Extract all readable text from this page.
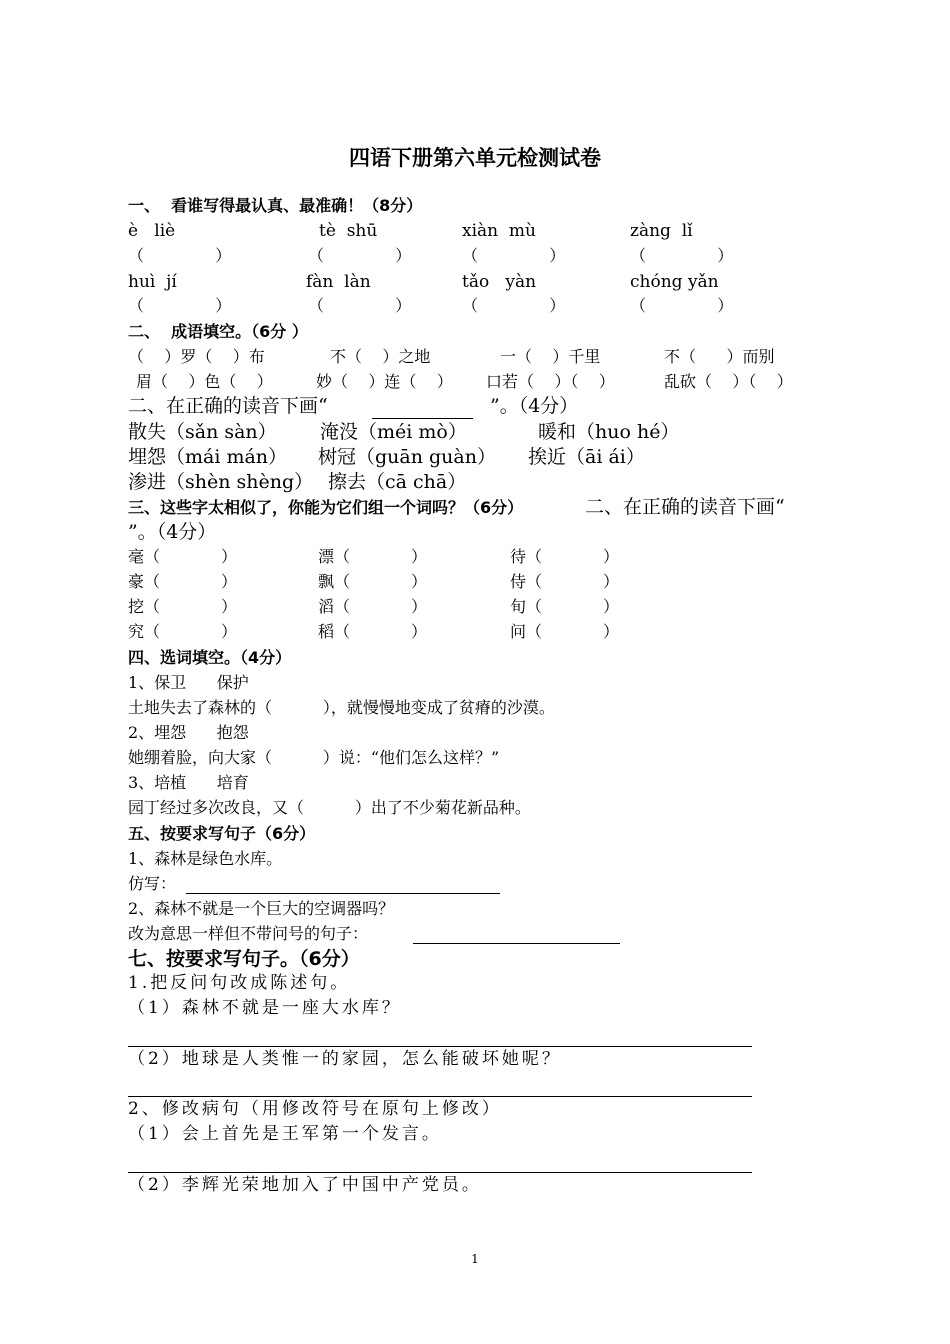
四语下册第六单元检测试卷
一、  看谁写得最认真、最准确！（8分）
è   liè	tè  shū	xiàn  mù	zàng  lǐ
（              ）	（              ）	（              ）	（              ）
huì  jí	fàn  làn	tǎo   yàn	chóng yǎn
（              ）	（              ）	（              ）	（              ）
二、  成语填空。（6分 ）
（    ）罗（    ）布	不（    ）之地	一（    ）千里	不（      ）而别
眉（    ）色（    ）	妙（    ）连（    ） 口若（    ）（    ）	乱砍（    ）（    ）
二、在正确的读音下画“	”。（4分）
散失（sǎn sàn） 淹没（méi mò）	暖和（huo hé）
埋怨（mái mán） 树冠（guān guàn） 挨近（āi ái）
渗进（shèn shèng） 擦去（cā chā）
三、这些字太相似了，你能为它们组一个词吗？（6分）	二、在正确的读音下画“
”。（4分）
毫（            ）	漂（            ）	待（            ）
豪（            ）	飘（            ）	侍（            ）
挖（            ）	滔（            ）	旬（            ）
究（            ）	稻（            ）	问（            ）
四、选词填空。（4分）
1、保卫      保护
土地失去了森林的（          ），就慢慢地变成了贫瘠的沙漠。
2、埋怨      抱怨
她绷着脸，向大家（          ）说：“他们怎么这样？”
3、培植      培育
园丁经过多次改良，又（          ）出了不少菊花新品种。
五、按要求写句子（6分）
1、森林是绿色水库。
仿写：
2、森林不就是一个巨大的空调器吗？
改为意思一样但不带问号的句子：
七、按要求写句子。（6分）
1.把反问句改成陈述句。
（1）森林不就是一座大水库？
（2）地球是人类惟一的家园，怎么能破坏她呢？
2、修改病句（用修改符号在原句上修改）
（1）会上首先是王军第一个发言。
（2）李辉光荣地加入了中国中产党员。
1
